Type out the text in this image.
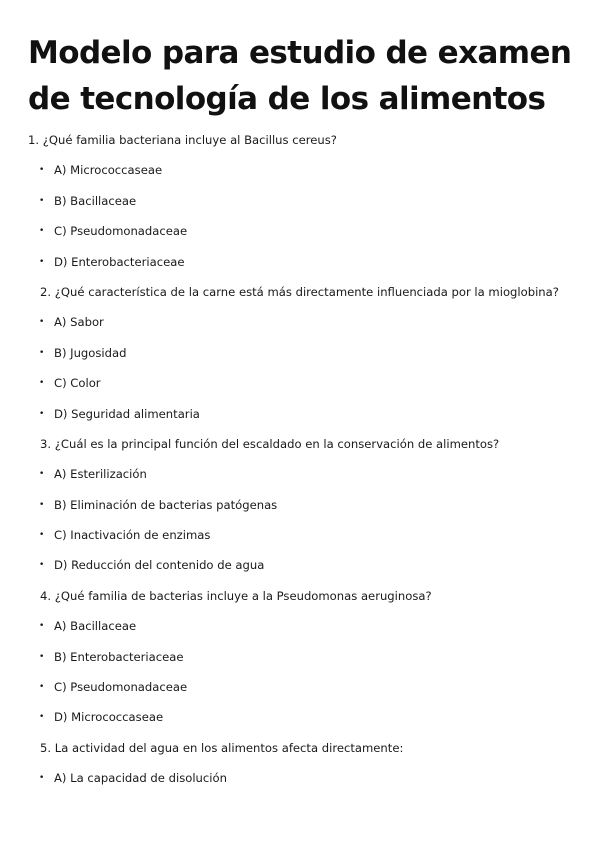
Modelo para estudio de examen de tecnología de los alimentos
1. ¿Qué familia bacteriana incluye al Bacillus cereus?
• A) Micrococcaseae
• B) Bacillaceae
• C) Pseudomonadaceae
• D) Enterobacteriaceae
2. ¿Qué característica de la carne está más directamente influenciada por la mioglobina?
• A) Sabor
• B) Jugosidad
• C) Color
• D) Seguridad alimentaria
3. ¿Cuál es la principal función del escaldado en la conservación de alimentos?
• A) Esterilización
• B) Eliminación de bacterias patógenas
• C) Inactivación de enzimas
• D) Reducción del contenido de agua
4. ¿Qué familia de bacterias incluye a la Pseudomonas aeruginosa?
• A) Bacillaceae
• B) Enterobacteriaceae
• C) Pseudomonadaceae
• D) Micrococcaseae
5. La actividad del agua en los alimentos afecta directamente:
• A) La capacidad de disolución
